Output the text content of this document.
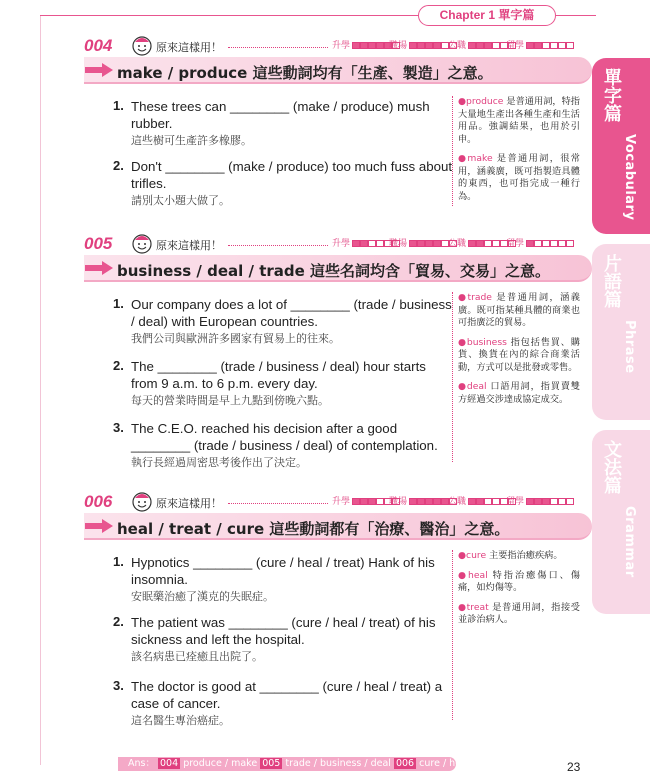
Chapter 1 單字篇
單字篇
Vocabulary
片語篇
Phrase
文法篇
Grammar
004	原來這樣用！	升學	職場	公職	留學
make / produce 這些動詞均有「生產、製造」之意。
1. These trees can ________ (make / produce) mush rubber.
這些樹可生產許多橡膠。
2. Don't ________ (make / produce) too much fuss about trifles.
請別太小題大做了。
●produce 是普通用詞，特指大量地生產出各種生產和生活用品。強調結果，也用於引申。
●make 是普通用詞，很常用，涵義廣，既可指製造具體的東西，也可指完成一種行為。
005	原來這樣用！	升學	職場	公職	留學
business / deal / trade 這些名詞均含「貿易、交易」之意。
1. Our company does a lot of ________ (trade / business / deal) with European countries.
我們公司與歐洲許多國家有貿易上的往來。
2. The ________ (trade / business / deal) hour starts from 9 a.m. to 6 p.m. every day.
每天的營業時間是早上九點到傍晚六點。
3. The C.E.O. reached his decision after a good ________ (trade / business / deal) of contemplation.
執行長經過周密思考後作出了決定。
●trade 是普通用詞，涵義廣。既可指某種具體的商業也可指廣泛的貿易。
●business 指包括售買、購貨、換貨在內的綜合商業活動，方式可以是批發或零售。
●deal 口語用詞，指買賣雙方經過交涉達成協定成交。
006	原來這樣用！	升學	職場	公職	留學
heal / treat / cure 這些動詞都有「治療、醫治」之意。
1. Hypnotics ________ (cure / heal / treat) Hank of his insomnia.
安眠藥治癒了漢克的失眠症。
2. The patient was ________ (cure / heal / treat) of his sickness and left the hospital.
該名病患已痊癒且出院了。
3. The doctor is good at ________ (cure / heal / treat) a case of cancer.
這名醫生專治癌症。
●cure 主要指治癒疾病。
●heal 特指治癒傷口、傷痛，如灼傷等。
●treat 是普通用詞，指接受並診治病人。
Ans： 004 produce / make 005 trade / business / deal 006 cure / healed / treating	23
